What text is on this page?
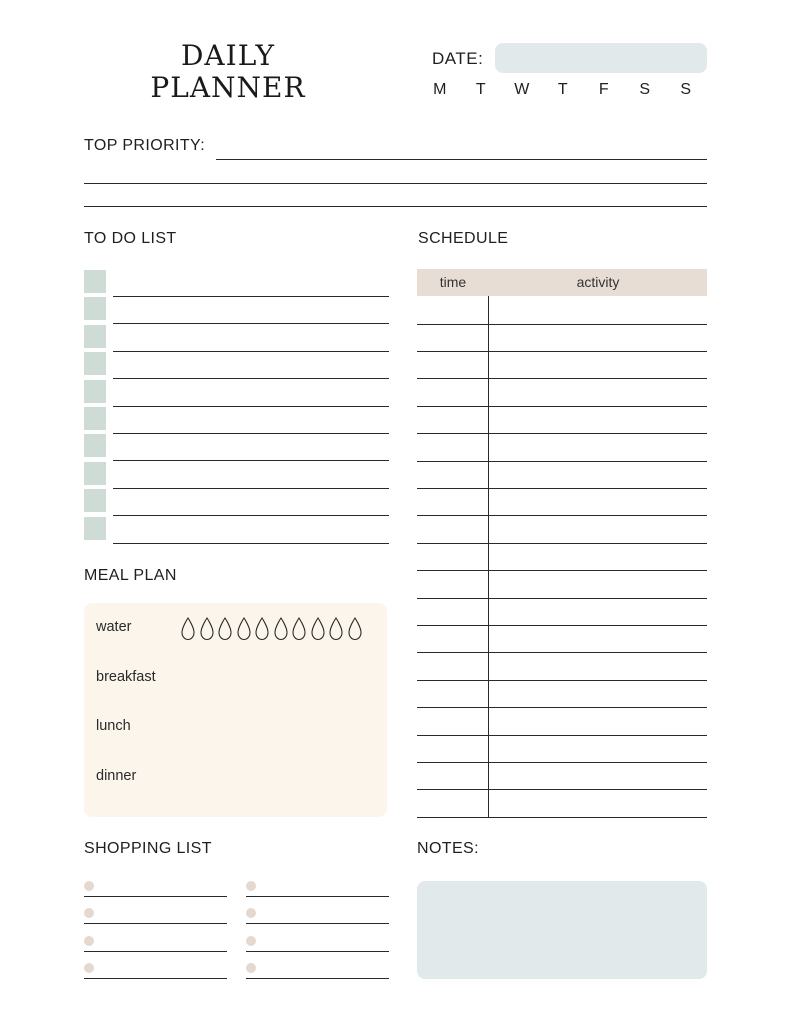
DAILY
PLANNER
DATE:
M	T	W	T	F	S S
TOP PRIORITY:
TO DO LIST	SCHEDULE
time	activity
MEAL PLAN
water
breakfast
lunch
dinner
SHOPPING LIST	NOTES:
